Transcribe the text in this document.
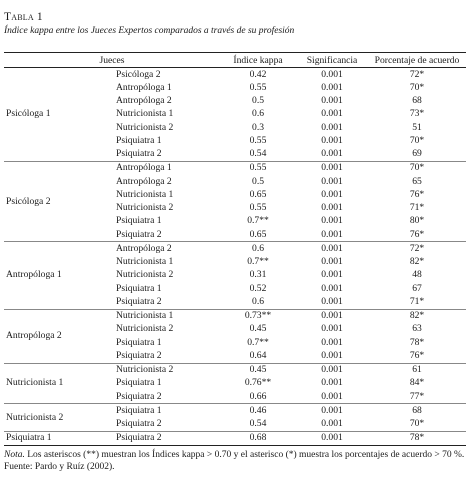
Tabla 1
Índice kappa entre los Jueces Expertos comparados a través de su profesión
Jueces		Índice kappa	Significancia	Porcentaje de acuerdo
Psicóloga 1	Psicóloga 2	0.42	0.001	72*
	Antropóloga 1	0.55	0.001	70*
	Antropóloga 2	0.5	0.001	68
	Nutricionista 1	0.6	0.001	73*
	Nutricionista 2	0.3	0.001	51
	Psiquiatra 1	0.55	0.001	70*
	Psiquiatra 2	0.54	0.001	69
Psicóloga 2	Antropóloga 1	0.55	0.001	70*
	Antropóloga 2	0.5	0.001	65
	Nutricionista 1	0.65	0.001	76*
	Nutricionista 2	0.55	0.001	71*
	Psiquiatra 1	0.7**	0.001	80*
	Psiquiatra 2	0.65	0.001	76*
Antropóloga 1	Antropóloga 2	0.6	0.001	72*
	Nutricionista 1	0.7**	0.001	82*
	Nutricionista 2	0.31	0.001	48
	Psiquiatra 1	0.52	0.001	67
	Psiquiatra 2	0.6	0.001	71*
Antropóloga 2	Nutricionista 1	0.73**	0.001	82*
	Nutricionista 2	0.45	0.001	63
	Psiquiatra 1	0.7**	0.001	78*
	Psiquiatra 2	0.64	0.001	76*
Nutricionista 1	Nutricionista 2	0.45	0.001	61
	Psiquiatra 1	0.76**	0.001	84*
	Psiquiatra 2	0.66	0.001	77*
Nutricionista 2	Psiquiatra 1	0.46	0.001	68
	Psiquiatra 2	0.54	0.001	70*
Psiquiatra 1	Psiquiatra 2	0.68	0.001	78*
Nota. Los asteriscos (**) muestran los Índices kappa > 0.70 y el asterisco (*) muestra los porcentajes de acuerdo > 70 %.
Fuente: Pardo y Ruíz (2002).
